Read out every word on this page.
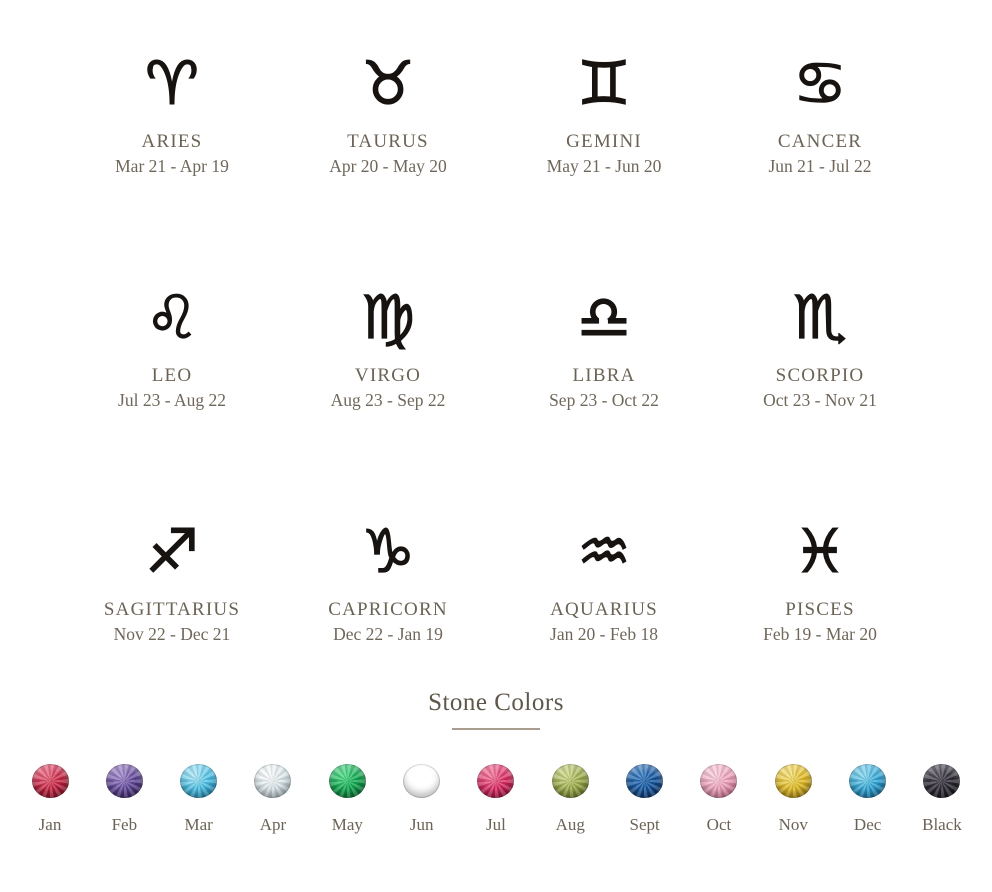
♈
ARIES
Mar 21 - Apr 19
♉
TAURUS
Apr 20 - May 20
♊
GEMINI
May 21 - Jun 20
♋
CANCER
Jun 21 - Jul 22
♌
LEO
Jul 23 - Aug 22
♍
VIRGO
Aug 23 - Sep 22
♎
LIBRA
Sep 23 - Oct 22
♏
SCORPIO
Oct 23 - Nov 21
♐
SAGITTARIUS
Nov 22 - Dec 21
♑
CAPRICORN
Dec 22 - Jan 19
♒
AQUARIUS
Jan 20 - Feb 18
♓
PISCES
Feb 19 - Mar 20
Stone Colors
Jan	Feb	Mar	Apr	May	Jun	Jul	Aug	Sept	Oct	Nov	Dec Black
